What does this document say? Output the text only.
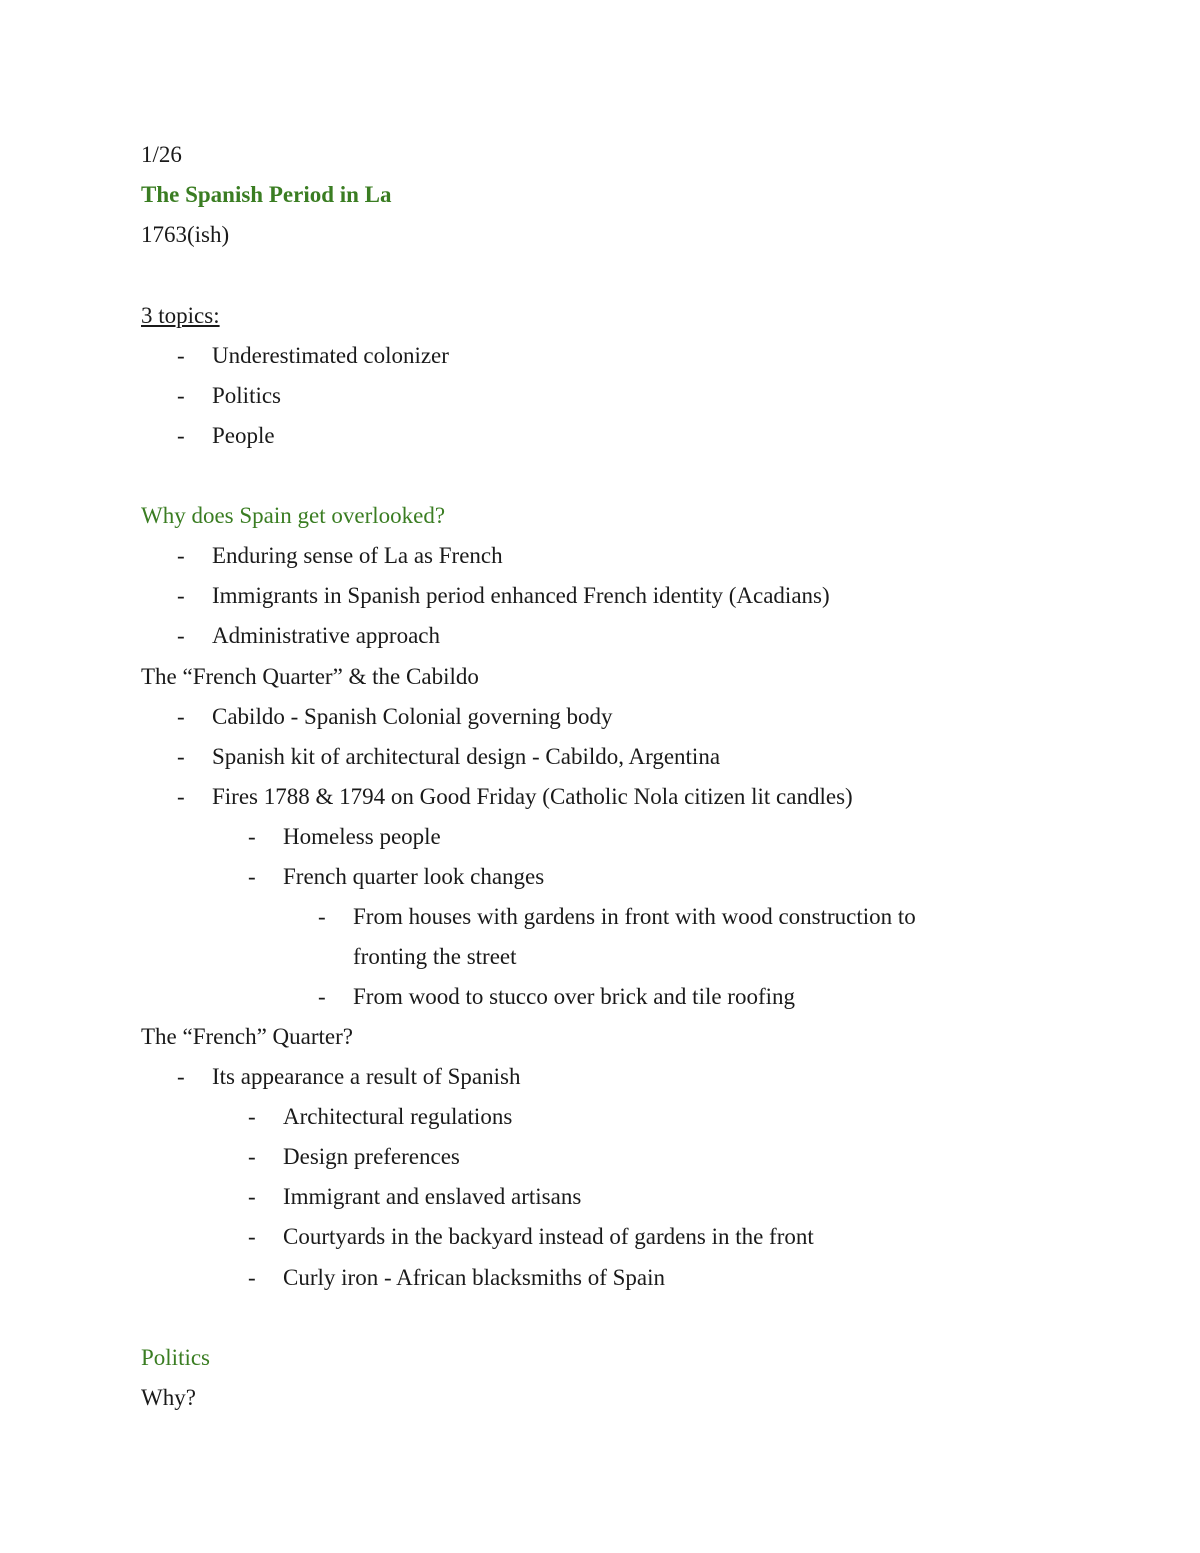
1/26
The Spanish Period in La
1763(ish)
3 topics:
- Underestimated colonizer
- Politics
- People
Why does Spain get overlooked?
- Enduring sense of La as French
- Immigrants in Spanish period enhanced French identity (Acadians)
- Administrative approach
The “French Quarter” & the Cabildo
- Cabildo - Spanish Colonial governing body
- Spanish kit of architectural design - Cabildo, Argentina
- Fires 1788 & 1794 on Good Friday (Catholic Nola citizen lit candles)
- Homeless people
- French quarter look changes
- From houses with gardens in front with wood construction to
fronting the street
- From wood to stucco over brick and tile roofing
The “French” Quarter?
- Its appearance a result of Spanish
- Architectural regulations
- Design preferences
- Immigrant and enslaved artisans
- Courtyards in the backyard instead of gardens in the front
- Curly iron - African blacksmiths of Spain
Politics
Why?
